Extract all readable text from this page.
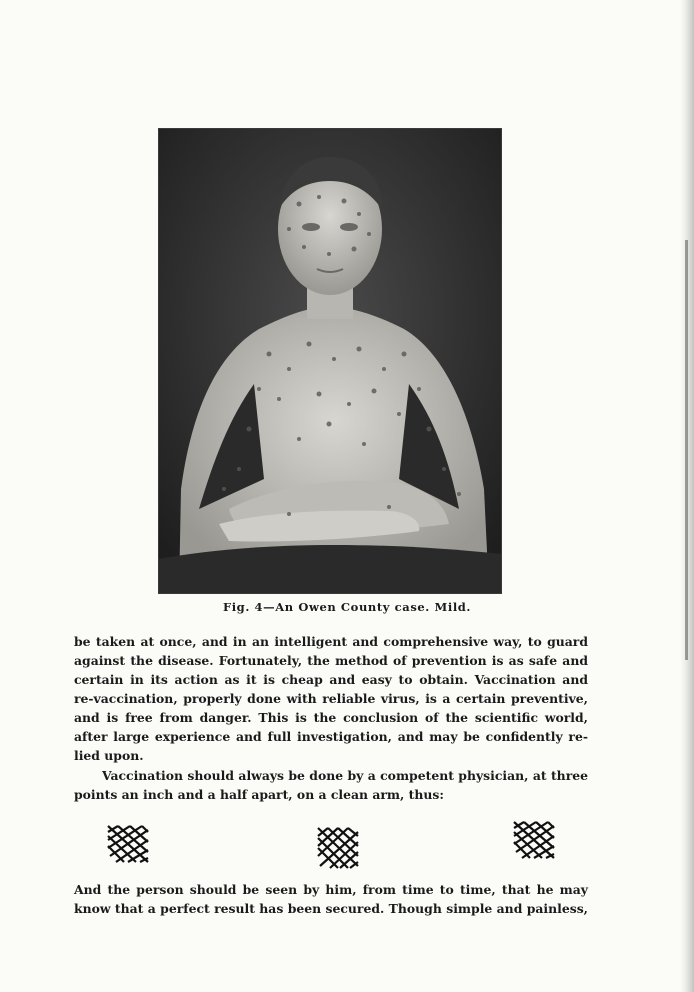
Fig. 4—An Owen County case. Mild.
be taken at once, and in an intelligent and comprehensive way, to guard
against the disease. Fortunately, the method of prevention is as safe and
certain in its action as it is cheap and easy to obtain. Vaccination and
re-vaccination, properly done with reliable virus, is a certain preventive,
and is free from danger. This is the conclusion of the scientific world,
after large experience and full investigation, and may be confidently re-
lied upon.
Vaccination should always be done by a competent physician, at three
points an inch and a half apart, on a clean arm, thus:
And the person should be seen by him, from time to time, that he may
know that a perfect result has been secured. Though simple and painless,
